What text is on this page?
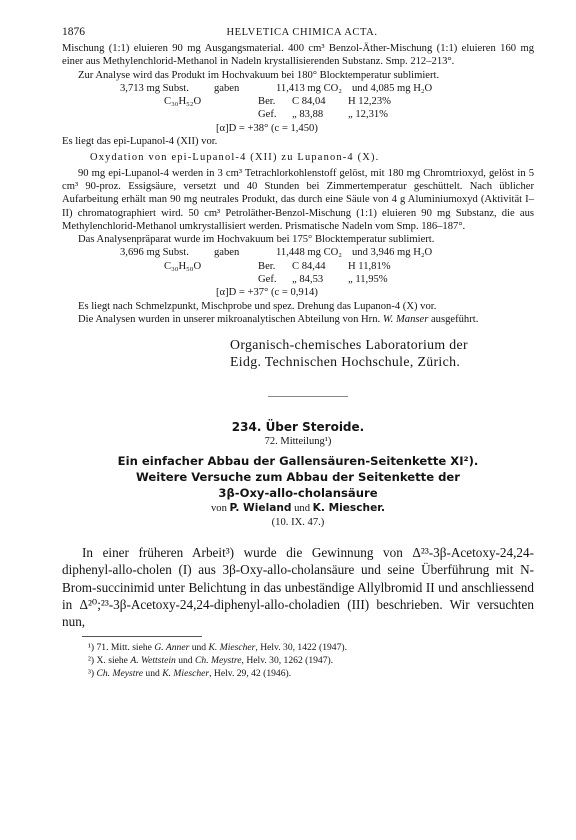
1876	HELVETICA CHIMICA ACTA.

Mischung (1:1) eluieren 90 mg Ausgangsmaterial. 400 cm³ Benzol-Äther-Mischung (1:1) eluieren 160 mg einer aus Methylenchlorid-Methanol in Nadeln krystallisierenden Substanz. Smp. 212–213°.

Zur Analyse wird das Produkt im Hochvakuum bei 180° Blocktemperatur sublimiert.

3,713 mg Subst.	gaben	11,413 mg CO₂ und 4,085 mg H₂O
C₃₀H₅₂O	Ber.	C 84,04	H 12,23%
Gef.	„ 83,88	„ 12,31%
[α]D = +38° (c = 1,450)

Es liegt das epi-Lupanol-4 (XII) vor.

Oxydation von epi-Lupanol-4 (XII) zu Lupanon-4 (X).

90 mg epi-Lupanol-4 werden in 3 cm³ Tetrachlorkohlenstoff gelöst, mit 180 mg Chromtrioxyd, gelöst in 5 cm³ 90-proz. Essigsäure, versetzt und 40 Stunden bei Zimmertemperatur geschüttelt. Nach üblicher Aufarbeitung erhält man 90 mg neutrales Produkt, das durch eine Säule von 4 g Aluminiumoxyd (Aktivität I–II) chromatographiert wird. 50 cm³ Petroläther-Benzol-Mischung (1:1) eluieren 90 mg Substanz, die aus Methylenchlorid-Methanol umkrystallisiert werden. Prismatische Nadeln vom Smp. 186–187°.

Das Analysenpräparat wurde im Hochvakuum bei 175° Blocktemperatur sublimiert.

3,696 mg Subst.	gaben	11,448 mg CO₂ und 3,946 mg H₂O
C₃₀H₅₀O	Ber.	C 84,44	H 11,81%
Gef.	„ 84,53	„ 11,95%
[α]D = +37° (c = 0,914)

Es liegt nach Schmelzpunkt, Mischprobe und spez. Drehung das Lupanon-4 (X) vor.

Die Analysen wurden in unserer mikroanalytischen Abteilung von Hrn. W. Manser ausgeführt.

Organisch-chemisches Laboratorium der
Eidg. Technischen Hochschule, Zürich.
234. Über Steroide.
72. Mitteilung¹)
Ein einfacher Abbau der Gallensäuren-Seitenkette XI²).
Weitere Versuche zum Abbau der Seitenkette der
3β-Oxy-allo-cholansäure
von P. Wieland und K. Miescher.
(10. IX. 47.)

In einer früheren Arbeit³) wurde die Gewinnung von Δ²³-3β-Acetoxy-24,24-diphenyl-allo-cholen (I) aus 3β-Oxy-allo-cholansäure und seine Überführung mit N-Brom-succinimid unter Belichtung in das unbeständige Allylbromid II und anschliessend in Δ²⁰;²³-3β-Acetoxy-24,24-diphenyl-allo-choladien (III) beschrieben. Wir versuchten nun,

¹) 71. Mitt. siehe G. Anner und K. Miescher, Helv. 30, 1422 (1947).

²) X. siehe A. Wettstein und Ch. Meystre, Helv. 30, 1262 (1947).

³) Ch. Meystre und K. Miescher, Helv. 29, 42 (1946).
